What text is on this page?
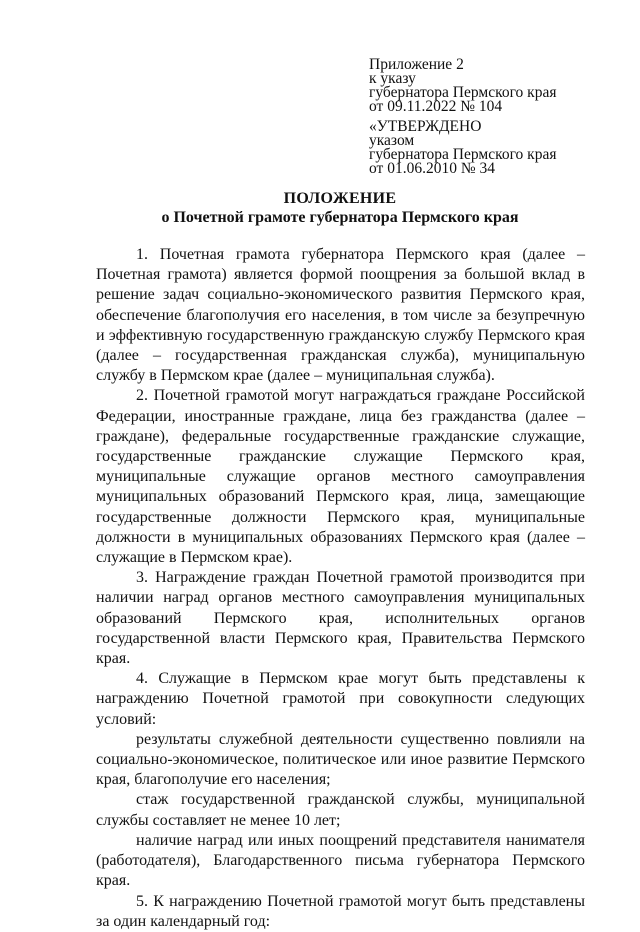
Приложение 2
к указу
губернатора Пермского края
от 09.11.2022 № 104
«УТВЕРЖДЕНО
указом
губернатора Пермского края
от 01.06.2010 № 34
ПОЛОЖЕНИЕ
о Почетной грамоте губернатора Пермского края

1. Почетная грамота губернатора Пермского края (далее – Почетная грамота) является формой поощрения за большой вклад в решение задач социально-экономического развития Пермского края, обеспечение благополучия его населения, в том числе за безупречную и эффективную государственную гражданскую службу Пермского края (далее – государственная гражданская служба), муниципальную службу в Пермском крае (далее – муниципальная служба).

2. Почетной грамотой могут награждаться граждане Российской Федерации, иностранные граждане, лица без гражданства (далее – граждане), федеральные государственные гражданские служащие, государственные гражданские служащие Пермского края, муниципальные служащие органов местного самоуправления муниципальных образований Пермского края, лица, замещающие государственные должности Пермского края, муниципальные должности в муниципальных образованиях Пермского края (далее – служащие в Пермском крае).

3. Награждение граждан Почетной грамотой производится при наличии наград органов местного самоуправления муниципальных образований Пермского края, исполнительных органов государственной власти Пермского края, Правительства Пермского края.

4. Служащие в Пермском крае могут быть представлены к награждению Почетной грамотой при совокупности следующих условий:

результаты служебной деятельности существенно повлияли на социально-экономическое, политическое или иное развитие Пермского края, благополучие его населения;

стаж государственной гражданской службы, муниципальной службы составляет не менее 10 лет;

наличие наград или иных поощрений представителя нанимателя (работодателя), Благодарственного письма губернатора Пермского края.

5. К награждению Почетной грамотой могут быть представлены за один календарный год:
